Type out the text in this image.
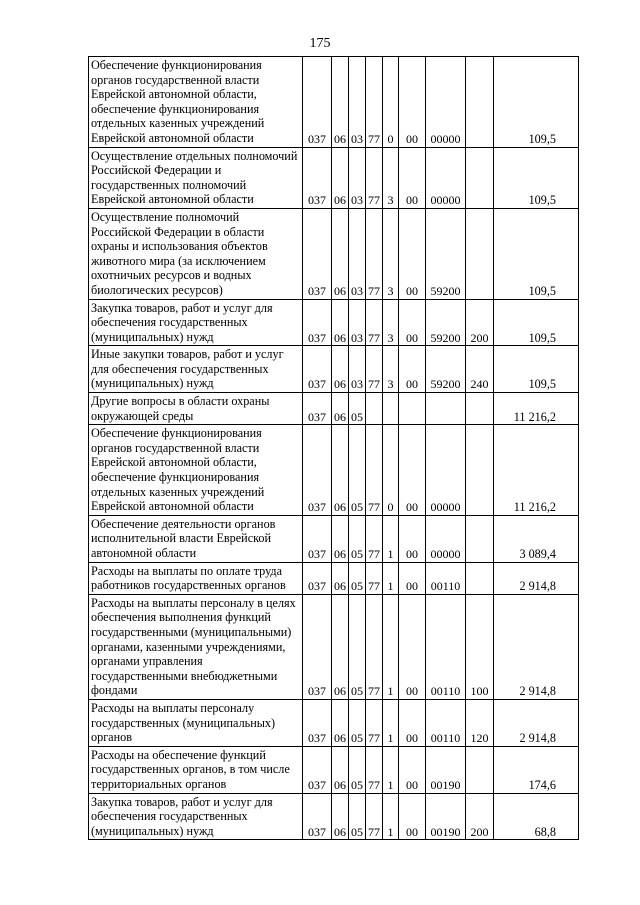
175
Обеспечение функционирования органов государственной власти Еврейской автономной области, обеспечение функционирования отдельных казенных учреждений Еврейской автономной области	037	06	03	77	0	00	00000		109,5
Осуществление отдельных полномочий Российской Федерации и государственных полномочий Еврейской автономной области	037	06	03	77	3	00	00000		109,5
Осуществление полномочий Российской Федерации в области охраны и использования объектов животного мира (за исключением охотничьих ресурсов и водных биологических ресурсов)	037	06	03	77	3	00	59200		109,5
Закупка товаров, работ и услуг для обеспечения государственных (муниципальных) нужд	037	06	03	77	3	00	59200	200	109,5
Иные закупки товаров, работ и услуг для обеспечения государственных (муниципальных) нужд	037	06	03	77	3	00	59200	240	109,5
Другие вопросы в области охраны окружающей среды	037	06	05						11 216,2
Обеспечение функционирования органов государственной власти Еврейской автономной области, обеспечение функционирования отдельных казенных учреждений Еврейской автономной области	037	06	05	77	0	00	00000		11 216,2
Обеспечение деятельности органов исполнительной власти Еврейской автономной области	037	06	05	77	1	00	00000		3 089,4
Расходы на выплаты по оплате труда работников государственных органов	037	06	05	77	1	00	00110		2 914,8
Расходы на выплаты персоналу в целях обеспечения выполнения функций государственными (муниципальными) органами, казенными учреждениями, органами управления государственными внебюджетными фондами	037	06	05	77	1	00	00110	100	2 914,8
Расходы на выплаты персоналу государственных (муниципальных) органов	037	06	05	77	1	00	00110	120	2 914,8
Расходы на обеспечение функций государственных органов, в том числе территориальных органов	037	06	05	77	1	00	00190		174,6
Закупка товаров, работ и услуг для обеспечения государственных (муниципальных) нужд	037	06	05	77	1	00	00190	200	68,8
